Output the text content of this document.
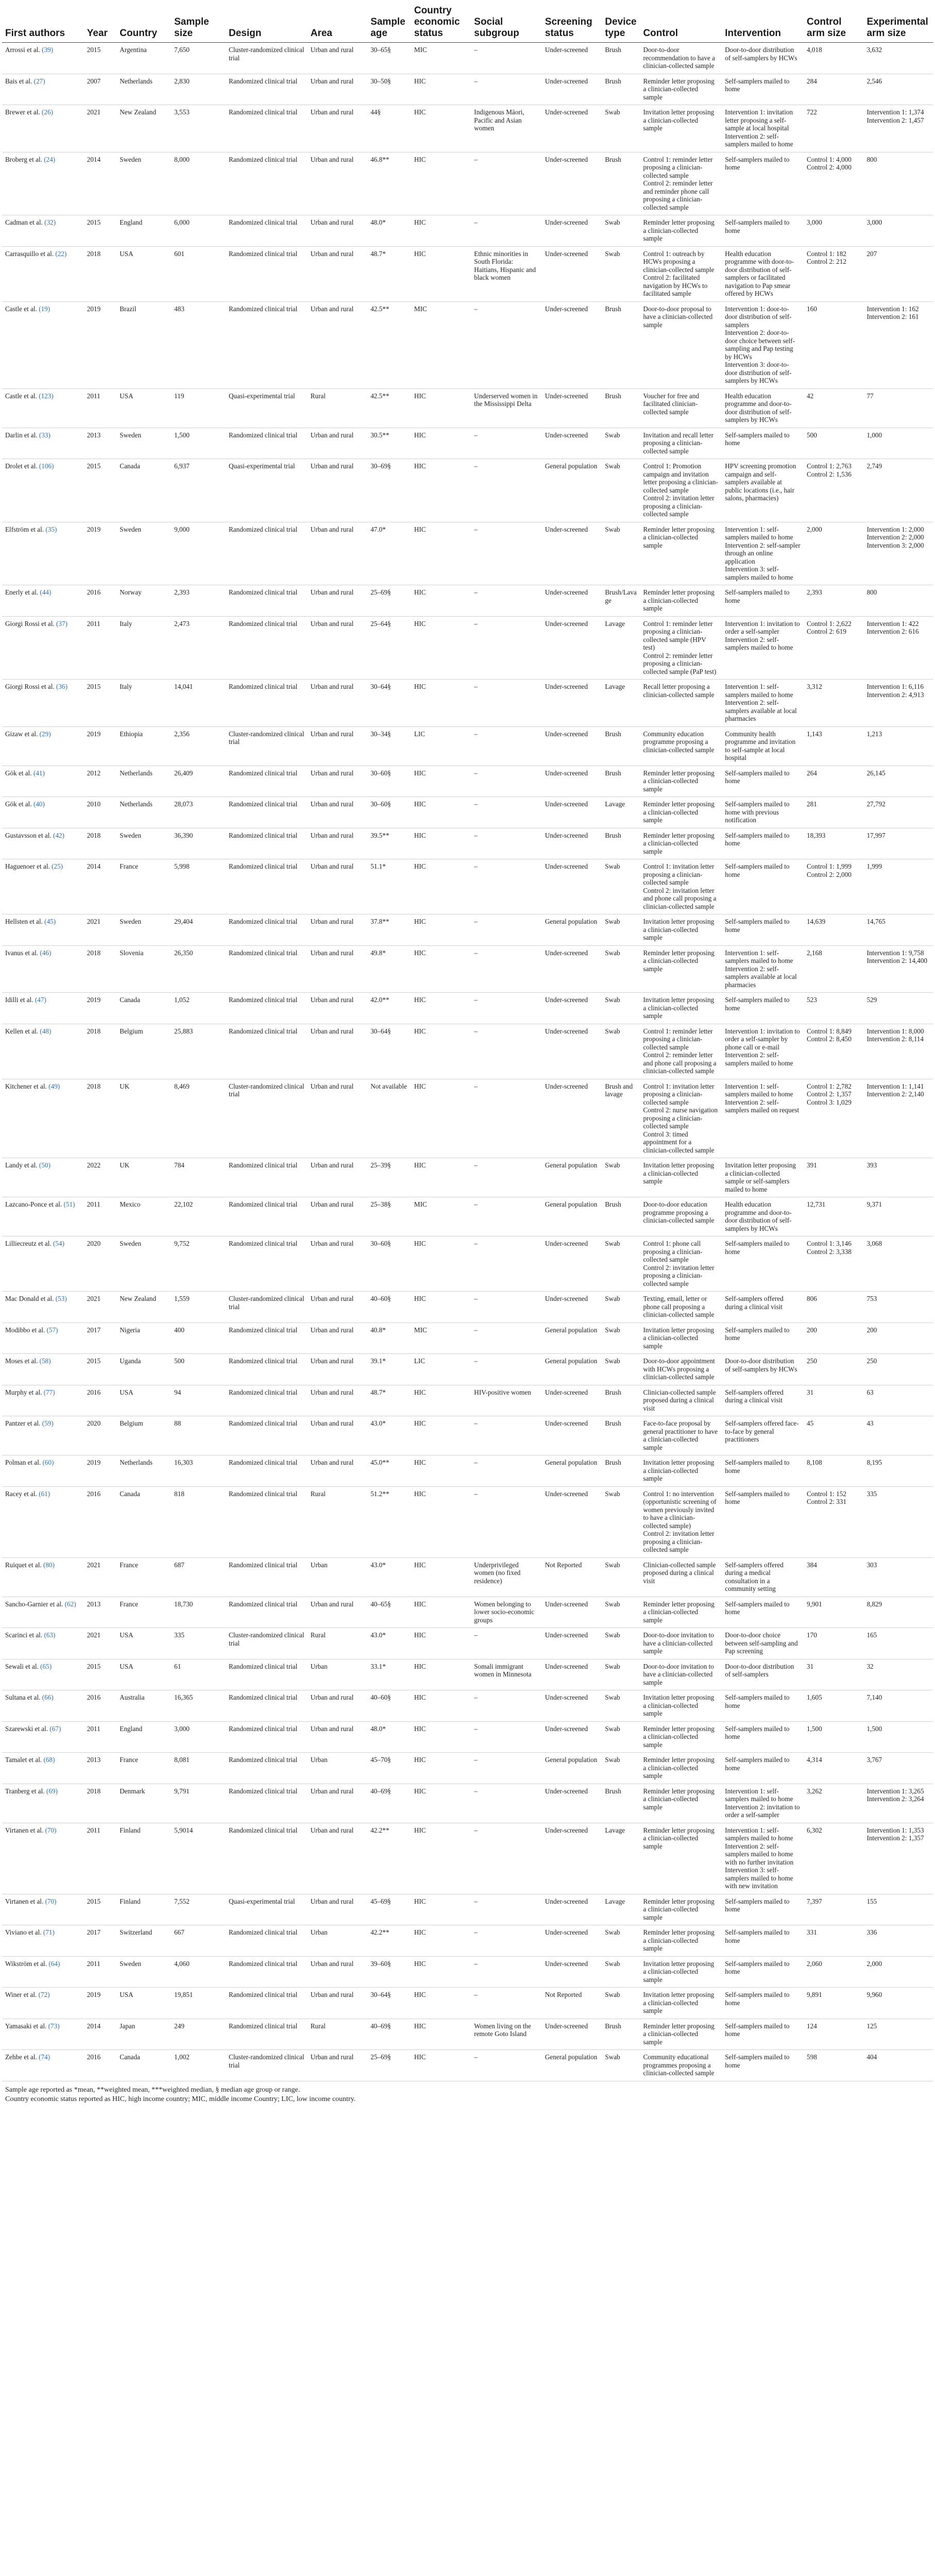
First authors	Year	Country	Sample size	Design	Area	Sample age	Country economic status	Social subgroup	Screening status	Device type	Control	Intervention	Control arm size	Experimental arm size
Arrossi et al. (39)	2015	Argentina	7,650	Cluster-randomized clinical trial	Urban and rural	30–65§	MIC	–	Under-screened	Brush	Door-to-door recommendation to have a clinician-collected sample	Door-to-door distribution of self-samplers by HCWs	4,018	3,632
Bais et al. (27)	2007	Netherlands	2,830	Randomized clinical trial	Urban and rural	30–50§	HIC	–	Under-screened	Brush	Reminder letter proposing a clinician-collected sample	Self-samplers mailed to home	284	2,546
Brewer et al. (26)	2021	New Zealand	3,553	Randomized clinical trial	Urban and rural	44§	HIC	Indigenous Māori, Pacific and Asian women	Under-screened	Swab	Invitation letter proposing a clinician-collected sample	Intervention 1: invitation letter proposing a self-sample at local hospital
Intervention 2: self-samplers mailed to home	722	Intervention 1: 1,374
Intervention 2: 1,457
Broberg et al. (24)	2014	Sweden	8,000	Randomized clinical trial	Urban and rural	46.8**	HIC	–	Under-screened	Brush	Control 1: reminder letter proposing a clinician-collected sample
Control 2: reminder letter and reminder phone call proposing a clinician-collected sample	Self-samplers mailed to home	Control 1: 4,000
Control 2: 4,000	800
Cadman et al. (32)	2015	England	6,000	Randomized clinical trial	Urban and rural	48.0*	HIC	–	Under-screened	Swab	Reminder letter proposing a clinician-collected sample	Self-samplers mailed to home	3,000	3,000
Carrasquillo et al. (22)	2018	USA	601	Randomized clinical trial	Urban and rural	48.7*	HIC	Ethnic minorities in South Florida: Haitians, Hispanic and black women	Under-screened	Swab	Control 1: outreach by HCWs proposing a clinician-collected sample
Control 2: facilitated navigation by HCWs to facilitated sample	Health education programme with door-to-door distribution of self-samplers or facilitated navigation to Pap smear offered by HCWs	Control 1: 182
Control 2: 212	207
Castle et al. (19)	2019	Brazil	483	Randomized clinical trial	Urban and rural	42.5**	MIC	–	Under-screened	Brush	Door-to-door proposal to have a clinician-collected sample	Intervention 1: door-to-door distribution of self-samplers
Intervention 2: door-to-door choice between self-sampling and Pap testing by HCWs
Intervention 3: door-to-door distribution of self-samplers by HCWs	160	Intervention 1: 162
Intervention 2: 161
Castle et al. (123)	2011	USA	119	Quasi-experimental trial	Rural	42.5**	HIC	Underserved women in the Mississippi Delta	Under-screened	Brush	Voucher for free and facilitated clinician-collected sample	Health education programme and door-to-door distribution of self-samplers by HCWs	42	77
Darlin et al. (33)	2013	Sweden	1,500	Randomized clinical trial	Urban and rural	30.5**	HIC	–	Under-screened	Swab	Invitation and recall letter proposing a clinician-collected sample	Self-samplers mailed to home	500	1,000
Drolet et al. (106)	2015	Canada	6,937	Quasi-experimental trial	Urban and rural	30–69§	HIC	–	General population	Swab	Control 1: Promotion campaign and invitation letter proposing a clinician-collected sample
Control 2: invitation letter proposing a clinician-collected sample	HPV screening promotion campaign and self-samplers available at public locations (i.e., hair salons, pharmacies)	Control 1: 2,763
Control 2: 1,536	2,749
Elfström et al. (35)	2019	Sweden	9,000	Randomized clinical trial	Urban and rural	47.0*	HIC	–	Under-screened	Swab	Reminder letter proposing a clinician-collected sample	Intervention 1: self-samplers mailed to home
Intervention 2: self-sampler through an online application
Intervention 3: self-samplers mailed to home	2,000	Intervention 1: 2,000
Intervention 2: 2,000
Intervention 3: 2,000
Enerly et al. (44)	2016	Norway	2,393	Randomized clinical trial	Urban and rural	25–69§	HIC	–	Under-screened	Brush/Lavage	Reminder letter proposing a clinician-collected sample	Self-samplers mailed to home	2,393	800
Giorgi Rossi et al. (37)	2011	Italy	2,473	Randomized clinical trial	Urban and rural	25–64§	HIC	–	Under-screened	Lavage	Control 1: reminder letter proposing a clinician-collected sample (HPV test)
Control 2: reminder letter proposing a clinician-collected sample (PaP test)	Intervention 1: invitation to order a self-sampler
Intervention 2: self-samplers mailed to home	Control 1: 2,622
Control 2: 619	Intervention 1: 422
Intervention 2: 616
Giorgi Rossi et al. (36)	2015	Italy	14,041	Randomized clinical trial	Urban and rural	30–64§	HIC	–	Under-screened	Lavage	Recall letter proposing a clinician-collected sample	Intervention 1: self-samplers mailed to home
Intervention 2: self-samplers available at local pharmacies	3,312	Intervention 1: 6,116
Intervention 2: 4,913
Gizaw et al. (29)	2019	Ethiopia	2,356	Cluster-randomized clinical trial	Urban and rural	30–34§	LIC	–	Under-screened	Brush	Community education programme proposing a clinician-collected sample	Community health programme and invitation to self-sample at local hospital	1,143	1,213
Gök et al. (41)	2012	Netherlands	26,409	Randomized clinical trial	Urban and rural	30–60§	HIC	–	Under-screened	Brush	Reminder letter proposing a clinician-collected sample	Self-samplers mailed to home	264	26,145
Gök et al. (40)	2010	Netherlands	28,073	Randomized clinical trial	Urban and rural	30–60§	HIC	–	Under-screened	Lavage	Reminder letter proposing a clinician-collected sample	Self-samplers mailed to home with previous notification	281	27,792
Gustavsson et al. (42)	2018	Sweden	36,390	Randomized clinical trial	Urban and rural	39.5**	HIC	–	Under-screened	Brush	Reminder letter proposing a clinician-collected sample	Self-samplers mailed to home	18,393	17,997
Haguenoer et al. (25)	2014	France	5,998	Randomized clinical trial	Urban and rural	51.1*	HIC	–	Under-screened	Swab	Control 1: invitation letter proposing a clinician-collected sample
Control 2: invitation letter and phone call proposing a clinician-collected sample	Self-samplers mailed to home	Control 1: 1,999
Control 2: 2,000	1,999
Hellsten et al. (45)	2021	Sweden	29,404	Randomized clinical trial	Urban and rural	37.8**	HIC	–	General population	Swab	Invitation letter proposing a clinician-collected sample	Self-samplers mailed to home	14,639	14,765
Ivanus et al. (46)	2018	Slovenia	26,350	Randomized clinical trial	Urban and rural	49.8*	HIC	–	Under-screened	Swab	Reminder letter proposing a clinician-collected sample	Intervention 1: self-samplers mailed to home
Intervention 2: self-samplers available at local pharmacies	2,168	Intervention 1: 9,758
Intervention 2: 14,400
Idilli et al. (47)	2019	Canada	1,052	Randomized clinical trial	Urban and rural	42.0**	HIC	–	Under-screened	Swab	Invitation letter proposing a clinician-collected sample	Self-samplers mailed to home	523	529
Kellen et al. (48)	2018	Belgium	25,883	Randomized clinical trial	Urban and rural	30–64§	HIC	–	Under-screened	Swab	Control 1: reminder letter proposing a clinician-collected sample
Control 2: reminder letter and phone call proposing a clinician-collected sample	Intervention 1: invitation to order a self-sampler by phone call or e-mail
Intervention 2: self-samplers mailed to home	Control 1: 8,849
Control 2: 8,450	Intervention 1: 8,000
Intervention 2: 8,114
Kitchener et al. (49)	2018	UK	8,469	Cluster-randomized clinical trial	Urban and rural	Not available	HIC	–	Under-screened	Brush and lavage	Control 1: invitation letter proposing a clinician-collected sample
Control 2: nurse navigation proposing a clinician-collected sample
Control 3: timed appointment for a clinician-collected sample	Intervention 1: self-samplers mailed to home
Intervention 2: self-samplers mailed on request	Control 1: 2,782
Control 2: 1,357
Control 3: 1,029	Intervention 1: 1,141
Intervention 2: 2,140
Landy et al. (50)	2022	UK	784	Randomized clinical trial	Urban and rural	25–39§	HIC	–	General population	Swab	Invitation letter proposing a clinician-collected sample	Invitation letter proposing a clinician-collected sample or self-samplers mailed to home	391	393
Lazcano-Ponce et al. (51)	2011	Mexico	22,102	Randomized clinical trial	Urban and rural	25–38§	MIC	–	General population	Brush	Door-to-door education programme proposing a clinician-collected sample	Health education programme and door-to-door distribution of self-samplers by HCWs	12,731	9,371
Lilliecreutz et al. (54)	2020	Sweden	9,752	Randomized clinical trial	Urban and rural	30–60§	HIC	–	Under-screened	Swab	Control 1: phone call proposing a clinician-collected sample
Control 2: invitation letter proposing a clinician-collected sample	Self-samplers mailed to home	Control 1: 3,146
Control 2: 3,338	3,068
Mac Donald et al. (53)	2021	New Zealand	1,559	Cluster-randomized clinical trial	Urban and rural	40–60§	HIC	–	Under-screened	Swab	Texting, email, letter or phone call proposing a clinician-collected sample	Self-samplers offered during a clinical visit	806	753
Modibbo et al. (57)	2017	Nigeria	400	Randomized clinical trial	Urban and rural	40.8*	MIC	–	General population	Swab	Invitation letter proposing a clinician-collected sample	Self-samplers mailed to home	200	200
Moses et al. (58)	2015	Uganda	500	Randomized clinical trial	Urban and rural	39.1*	LIC	–	General population	Swab	Door-to-door appointment with HCWs proposing a clinician-collected sample	Door-to-door distribution of self-samplers by HCWs	250	250
Murphy et al. (77)	2016	USA	94	Randomized clinical trial	Urban and rural	48.7*	HIC	HIV-positive women	Under-screened	Brush	Clinician-collected sample proposed during a clinical visit	Self-samplers offered during a clinical visit	31	63
Pantzer et al. (59)	2020	Belgium	88	Randomized clinical trial	Urban and rural	43.0*	HIC	–	Under-screened	Brush	Face-to-face proposal by general practitioner to have a clinician-collected sample	Self-samplers offered face-to-face by general practitioners	45	43
Polman et al. (60)	2019	Netherlands	16,303	Randomized clinical trial	Urban and rural	45.0**	HIC	–	General population	Brush	Invitation letter proposing a clinician-collected sample	Self-samplers mailed to home	8,108	8,195
Racey et al. (61)	2016	Canada	818	Randomized clinical trial	Rural	51.2**	HIC	–	Under-screened	Swab	Control 1: no intervention (opportunistic screening of women previously invited to have a clinician-collected sample)
Control 2: invitation letter proposing a clinician-collected sample	Self-samplers mailed to home	Control 1: 152
Control 2: 331	335
Ruiquet et al. (80)	2021	France	687	Randomized clinical trial	Urban	43.0*	HIC	Underprivileged women (no fixed residence)	Not Reported	Swab	Clinician-collected sample proposed during a clinical visit	Self-samplers offered during a medical consultation in a community setting	384	303
Sancho-Garnier et al. (62)	2013	France	18,730	Randomized clinical trial	Urban and rural	40–65§	HIC	Women belonging to lower socio-economic groups	Under-screened	Swab	Reminder letter proposing a clinician-collected sample	Self-samplers mailed to home	9,901	8,829
Scarinci et al. (63)	2021	USA	335	Cluster-randomized clinical trial	Rural	43.0*	HIC	–	Under-screened	Swab	Door-to-door invitation to have a clinician-collected sample	Door-to-door choice between self-sampling and Pap screening	170	165
Sewali et al. (65)	2015	USA	61	Randomized clinical trial	Urban	33.1*	HIC	Somali immigrant women in Minnesota	Under-screened	Swab	Door-to-door invitation to have a clinician-collected sample	Door-to-door distribution of self-samplers	31	32
Sultana et al. (66)	2016	Australia	16,365	Randomized clinical trial	Urban and rural	40–60§	HIC	–	Under-screened	Swab	Invitation letter proposing a clinician-collected sample	Self-samplers mailed to home	1,605	7,140
Szarewski et al. (67)	2011	England	3,000	Randomized clinical trial	Urban and rural	48.0*	HIC	–	Under-screened	Swab	Reminder letter proposing a clinician-collected sample	Self-samplers mailed to home	1,500	1,500
Tamalet et al. (68)	2013	France	8,081	Randomized clinical trial	Urban	45–70§	HIC	–	General population	Swab	Reminder letter proposing a clinician-collected sample	Self-samplers mailed to home	4,314	3,767
Tranberg et al. (69)	2018	Denmark	9,791	Randomized clinical trial	Urban and rural	40–69§	HIC	–	Under-screened	Brush	Reminder letter proposing a clinician-collected sample	Intervention 1: self-samplers mailed to home
Intervention 2: invitation to order a self-sampler	3,262	Intervention 1: 3,265
Intervention 2: 3,264
Virtanen et al. (70)	2011	Finland	5,9014	Randomized clinical trial	Urban and rural	42.2**	HIC	–	Under-screened	Lavage	Reminder letter proposing a clinician-collected sample	Intervention 1: self-samplers mailed to home
Intervention 2: self-samplers mailed to home with no further invitation
Intervention 3: self-samplers mailed to home with new invitation	6,302	Intervention 1: 1,353
Intervention 2: 1,357
Virtanen et al. (70)	2015	Finland	7,552	Quasi-experimental trial	Urban and rural	45–69§	HIC	–	Under-screened	Lavage	Reminder letter proposing a clinician-collected sample	Self-samplers mailed to home	7,397	155
Viviano et al. (71)	2017	Switzerland	667	Randomized clinical trial	Urban	42.2**	HIC	–	Under-screened	Swab	Reminder letter proposing a clinician-collected sample	Self-samplers mailed to home	331	336
Wikström et al. (64)	2011	Sweden	4,060	Randomized clinical trial	Urban and rural	39–60§	HIC	–	Under-screened	Swab	Invitation letter proposing a clinician-collected sample	Self-samplers mailed to home	2,060	2,000
Winer et al. (72)	2019	USA	19,851	Randomized clinical trial	Urban and rural	30–64§	HIC	–	Not Reported	Swab	Invitation letter proposing a clinician-collected sample	Self-samplers mailed to home	9,891	9,960
Yamasaki et al. (73)	2014	Japan	249	Randomized clinical trial	Rural	40–69§	HIC	Women living on the remote Goto Island	Under-screened	Brush	Reminder letter proposing a clinician-collected sample	Self-samplers mailed to home	124	125
Zehbe et al. (74)	2016	Canada	1,002	Cluster-randomized clinical trial	Urban and rural	25–69§	HIC	–	General population	Swab	Community educational programmes proposing a clinician-collected sample	Self-samplers mailed to home	598	404
Sample age reported as *mean, **weighted mean, ***weighted median, § median age group or range.
Country economic status reported as HIC, high income country; MIC, middle income Country; LIC, low income country.
